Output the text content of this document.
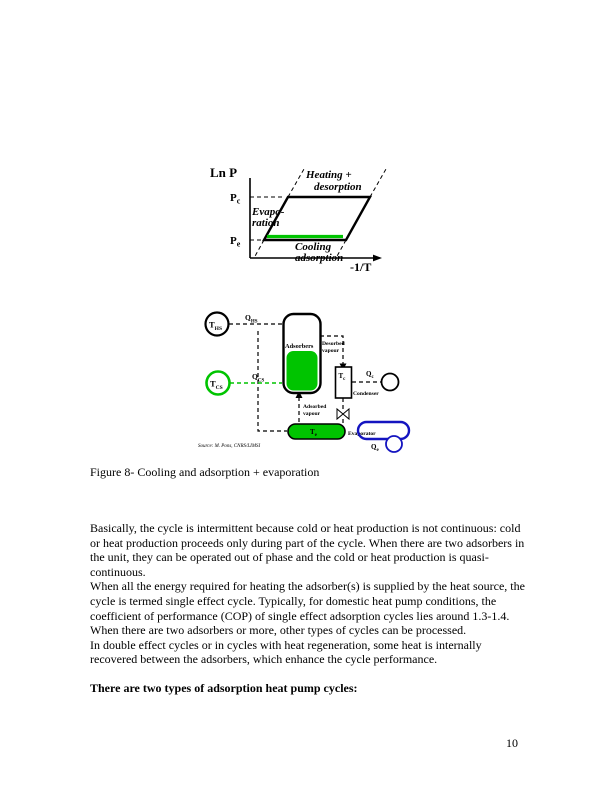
Ln P
-1/T
$P_c$
$P_e$
Heating + desorption
Evapo- ration
Cooling adsorption
Adsorbers
$T_{HS}$
$Q_{HS}$
$T_{CS}$
$Q_{CS}$
Desorbed vapour
$T_c$
Condenser
$Q_c$
Adsorbed vapour
$T_e$	Evaporator
$Q_e$
Source: M. Pons, CNRS/LIMSI
Figure 8- Cooling and adsorption + evaporation

Basically, the cycle is intermittent because cold or heat production is not continuous: cold or heat production proceeds only during part of the cycle. When there are two adsorbers in the unit, they can be operated out of phase and the cold or heat production is quasi-continuous.

When all the energy required for heating the adsorber(s) is supplied by the heat source, the cycle is termed single effect cycle. Typically, for domestic heat pump conditions, the coefficient of performance (COP) of single effect adsorption cycles lies around 1.3-1.4. When there are two adsorbers or more, other types of cycles can be processed.

In double effect cycles or in cycles with heat regeneration, some heat is internally recovered between the adsorbers, which enhance the cycle performance.

There are two types of adsorption heat pump cycles:

10
